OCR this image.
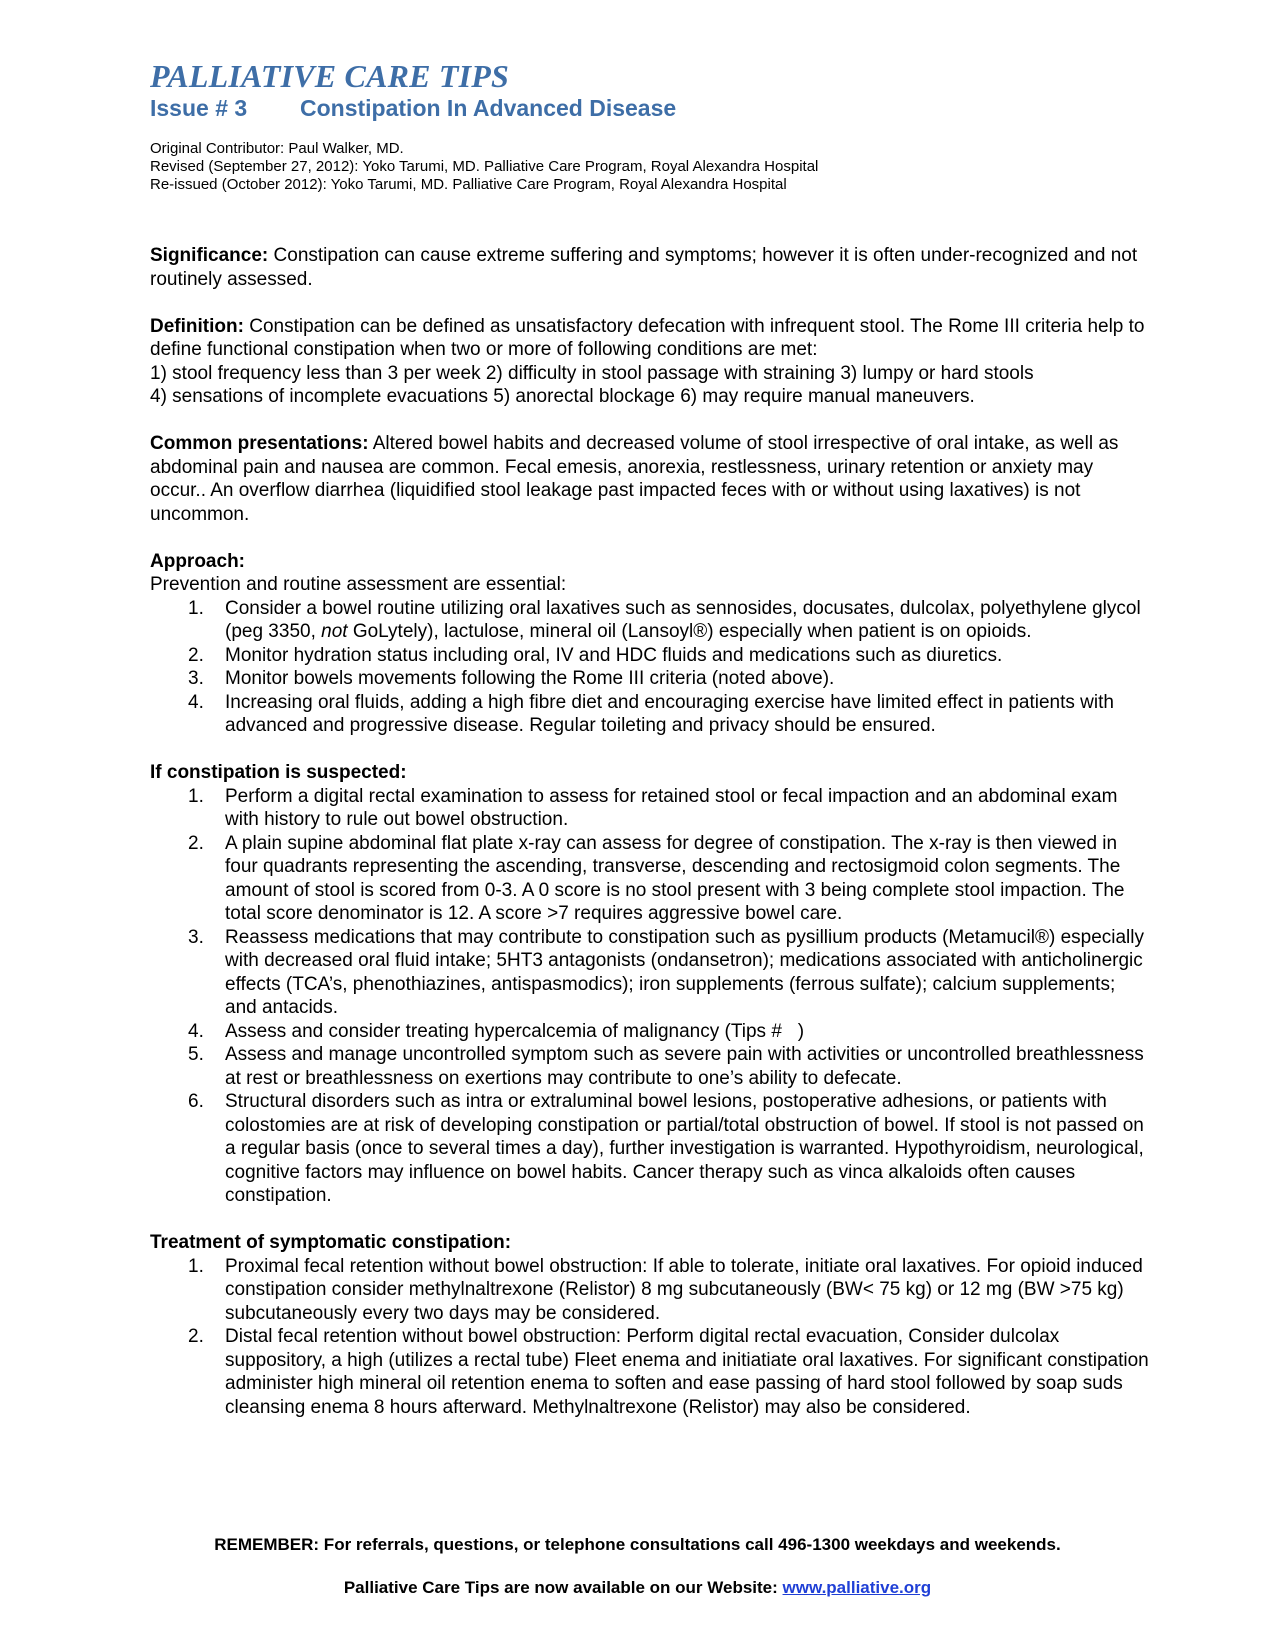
PALLIATIVE CARE TIPS
Issue # 3 Constipation In Advanced Disease
Original Contributor: Paul Walker, MD.
Revised (September 27, 2012): Yoko Tarumi, MD. Palliative Care Program, Royal Alexandra Hospital
Re-issued (October 2012): Yoko Tarumi, MD. Palliative Care Program, Royal Alexandra Hospital

Significance: Constipation can cause extreme suffering and symptoms; however it is often under-recognized and not routinely assessed.

Definition: Constipation can be defined as unsatisfactory defecation with infrequent stool. The Rome III criteria help to define functional constipation when two or more of following conditions are met:
1) stool frequency less than 3 per week 2) difficulty in stool passage with straining 3) lumpy or hard stools
4) sensations of incomplete evacuations 5) anorectal blockage 6) may require manual maneuvers.

Common presentations: Altered bowel habits and decreased volume of stool irrespective of oral intake, as well as abdominal pain and nausea are common. Fecal emesis, anorexia, restlessness, urinary retention or anxiety may occur.. An overflow diarrhea (liquidified stool leakage past impacted feces with or without using laxatives) is not uncommon.

Approach:

Prevention and routine assessment are essential:
1. Consider a bowel routine utilizing oral laxatives such as sennosides, docusates, dulcolax, polyethylene glycol (peg 3350, not GoLytely), lactulose, mineral oil (Lansoyl®) especially when patient is on opioids.
2. Monitor hydration status including oral, IV and HDC fluids and medications such as diuretics.
3. Monitor bowels movements following the Rome III criteria (noted above).
4. Increasing oral fluids, adding a high fibre diet and encouraging exercise have limited effect in patients with advanced and progressive disease. Regular toileting and privacy should be ensured.

If constipation is suspected:

1. Perform a digital rectal examination to assess for retained stool or fecal impaction and an abdominal exam with history to rule out bowel obstruction.
2. A plain supine abdominal flat plate x-ray can assess for degree of constipation. The x-ray is then viewed in four quadrants representing the ascending, transverse, descending and rectosigmoid colon segments. The amount of stool is scored from 0-3. A 0 score is no stool present with 3 being complete stool impaction. The total score denominator is 12. A score >7 requires aggressive bowel care.
3. Reassess medications that may contribute to constipation such as pysillium products (Metamucil®) especially with decreased oral fluid intake; 5HT3 antagonists (ondansetron); medications associated with anticholinergic effects (TCA’s, phenothiazines, antispasmodics); iron supplements (ferrous sulfate); calcium supplements; and antacids.
4. Assess and consider treating hypercalcemia of malignancy (Tips #   )
5. Assess and manage uncontrolled symptom such as severe pain with activities or uncontrolled breathlessness at rest or breathlessness on exertions may contribute to one’s ability to defecate.
6. Structural disorders such as intra or extraluminal bowel lesions, postoperative adhesions, or patients with colostomies are at risk of developing constipation or partial/total obstruction of bowel. If stool is not passed on a regular basis (once to several times a day), further investigation is warranted. Hypothyroidism, neurological, cognitive factors may influence on bowel habits. Cancer therapy such as vinca alkaloids often causes constipation.

Treatment of symptomatic constipation:

1. Proximal fecal retention without bowel obstruction: If able to tolerate, initiate oral laxatives. For opioid induced constipation consider methylnaltrexone (Relistor) 8 mg subcutaneously (BW< 75 kg) or 12 mg (BW >75 kg) subcutaneously every two days may be considered.
2. Distal fecal retention without bowel obstruction: Perform digital rectal evacuation, Consider dulcolax suppository, a high (utilizes a rectal tube) Fleet enema and initiatiate oral laxatives. For significant constipation administer high mineral oil retention enema to soften and ease passing of hard stool followed by soap suds cleansing enema 8 hours afterward. Methylnaltrexone (Relistor) may also be considered.
REMEMBER: For referrals, questions, or telephone consultations call 496-1300 weekdays and weekends.
Palliative Care Tips are now available on our Website: www.palliative.org
